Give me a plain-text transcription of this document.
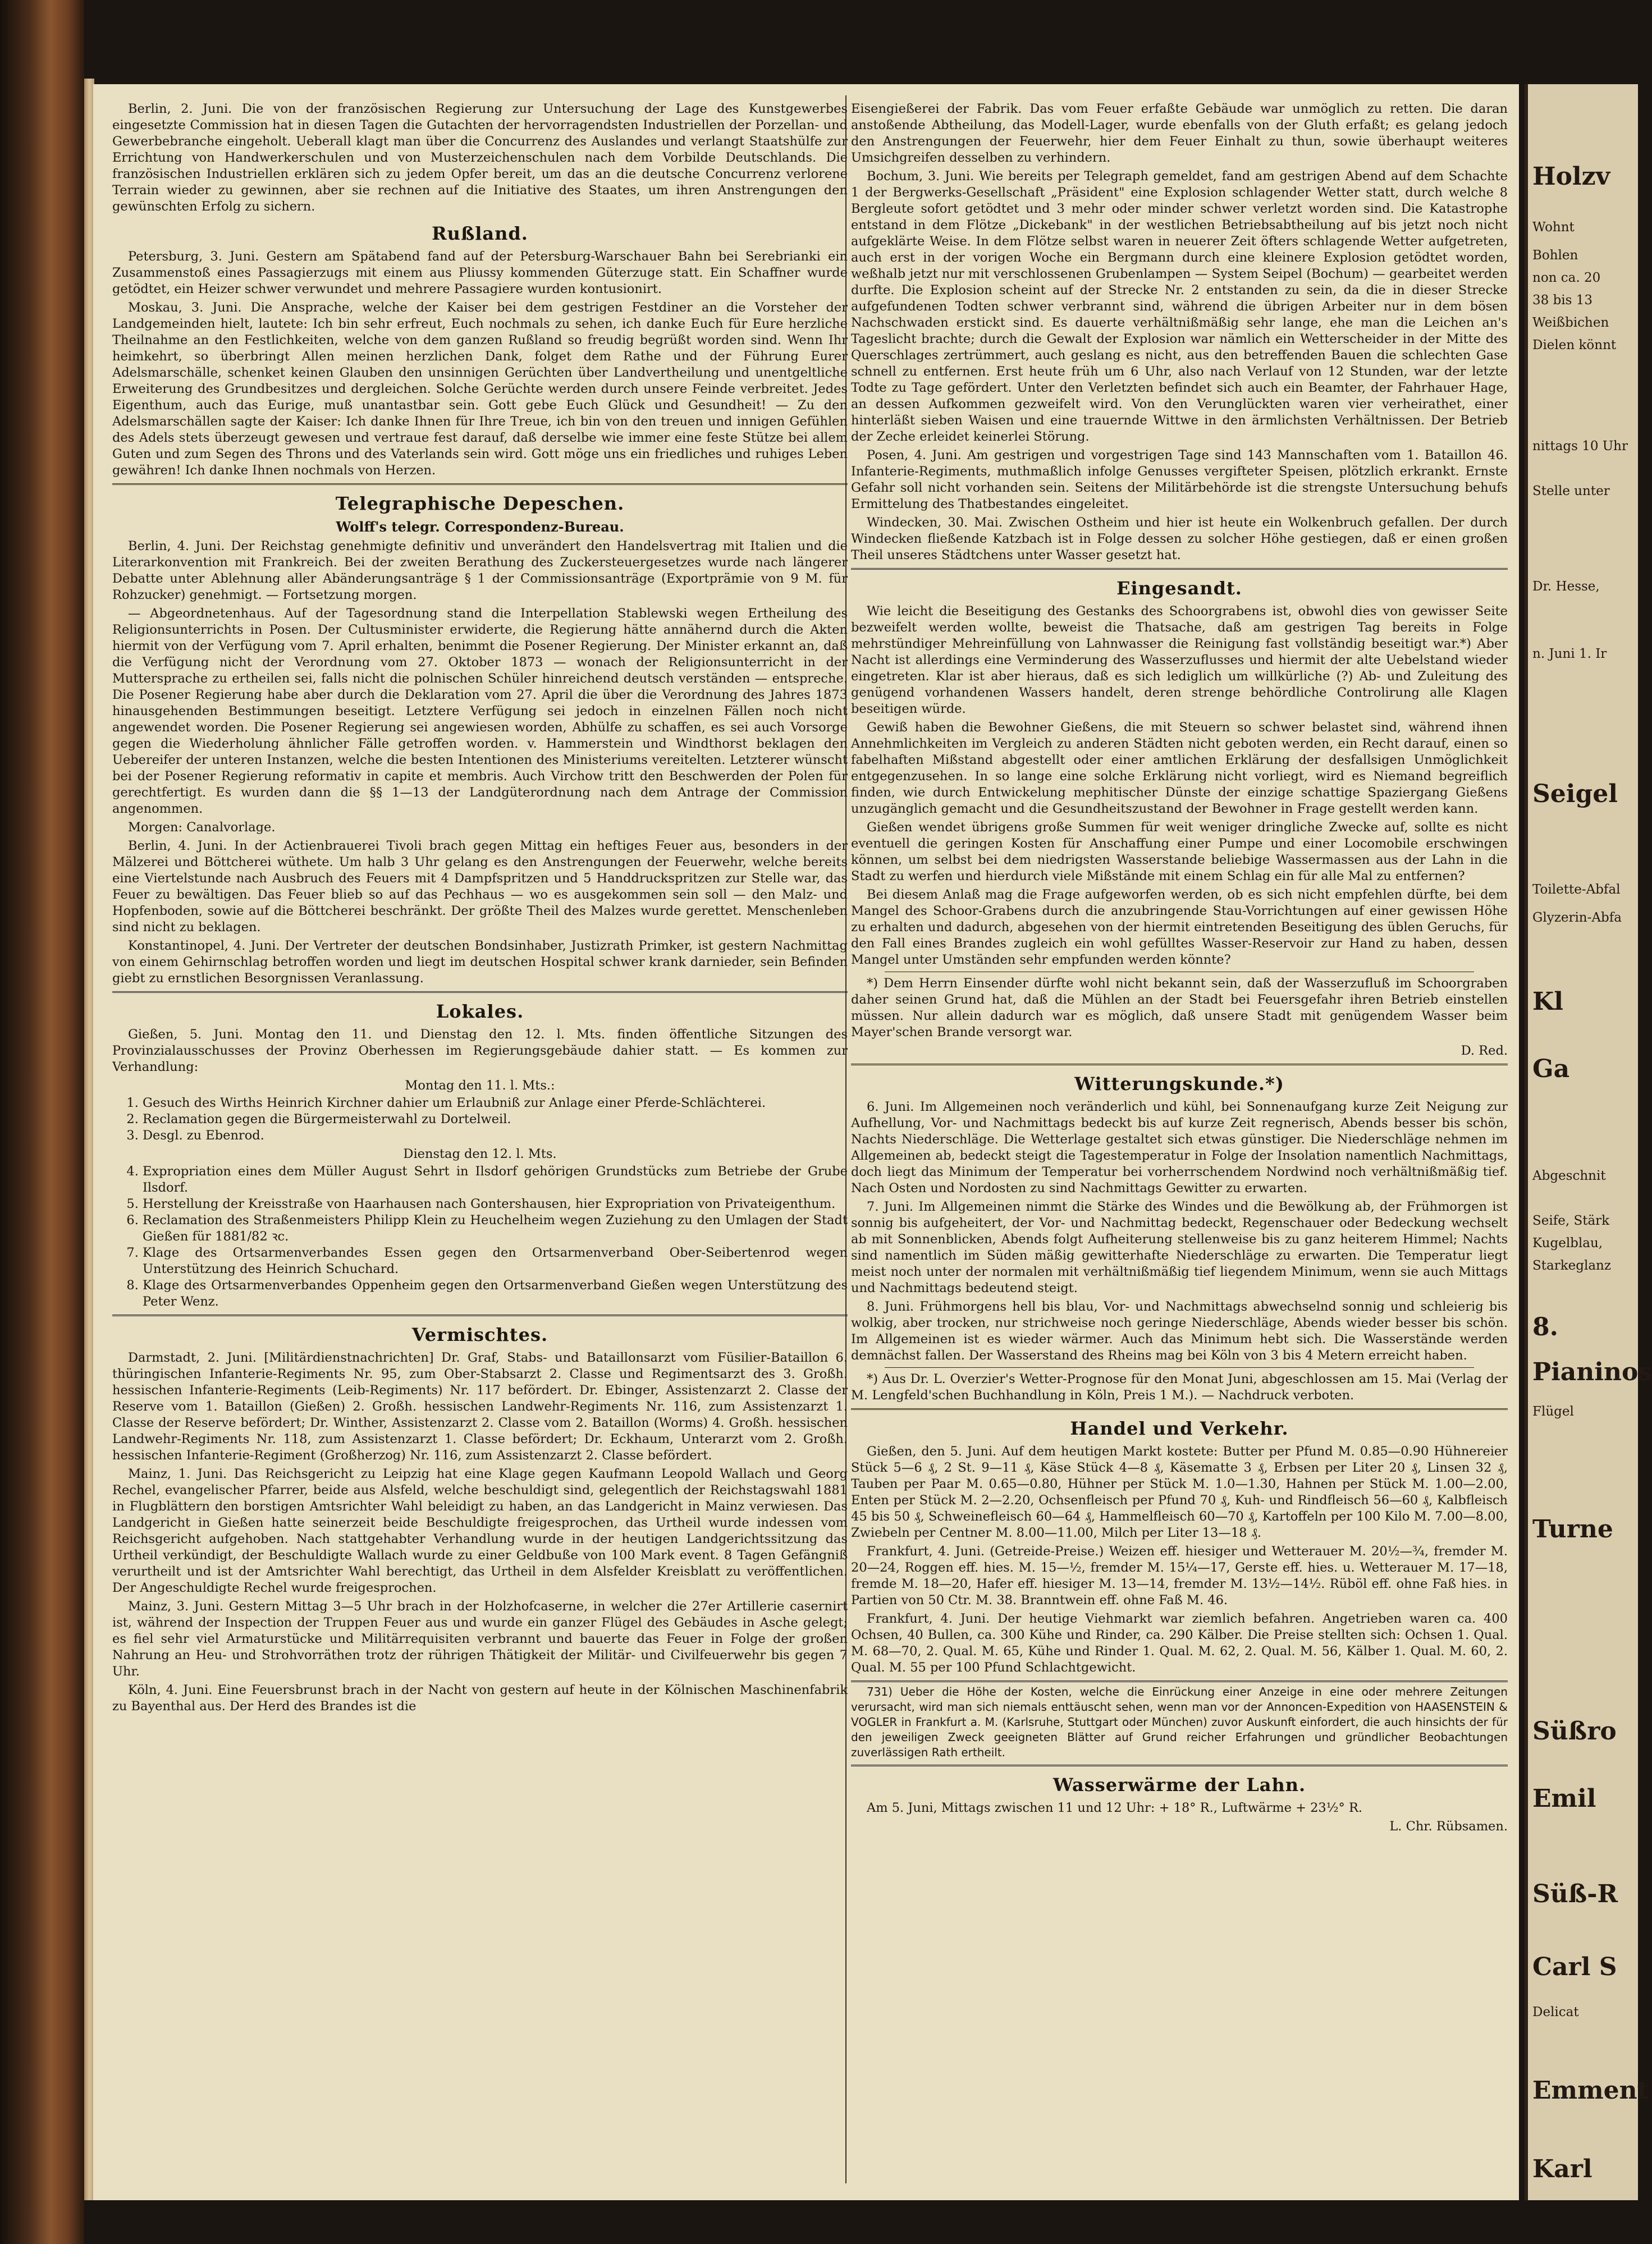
Berlin, 2. Juni. Die von der französischen Regierung zur Untersuchung der Lage des Kunstgewerbes eingesetzte Commission hat in diesen Tagen die Gutachten der hervorragendsten Industriellen der Porzellan- und Gewerbebranche eingeholt. Ueberall klagt man über die Concurrenz des Auslandes und verlangt Staatshülfe zur Errichtung von Handwerkerschulen und von Musterzeichenschulen nach dem Vorbilde Deutschlands. Die französischen Industriellen erklären sich zu jedem Opfer bereit, um das an die deutsche Concurrenz verlorene Terrain wieder zu gewinnen, aber sie rechnen auf die Initiative des Staates, um ihren Anstrengungen den gewünschten Erfolg zu sichern.

Rußland.

Petersburg, 3. Juni. Gestern am Spätabend fand auf der Petersburg-Warschauer Bahn bei Serebrianki ein Zusammenstoß eines Passagierzugs mit einem aus Pliussy kommenden Güterzuge statt. Ein Schaffner wurde getödtet, ein Heizer schwer verwundet und mehrere Passagiere wurden kontusionirt.

Moskau, 3. Juni. Die Ansprache, welche der Kaiser bei dem gestrigen Festdiner an die Vorsteher der Landgemeinden hielt, lautete: Ich bin sehr erfreut, Euch nochmals zu sehen, ich danke Euch für Eure herzliche Theilnahme an den Festlichkeiten, welche von dem ganzen Rußland so freudig begrüßt worden sind. Wenn Ihr heimkehrt, so überbringt Allen meinen herzlichen Dank, folget dem Rathe und der Führung Eurer Adelsmarschälle, schenket keinen Glauben den unsinnigen Gerüchten über Landvertheilung und unentgeltliche Erweiterung des Grundbesitzes und dergleichen. Solche Gerüchte werden durch unsere Feinde verbreitet. Jedes Eigenthum, auch das Eurige, muß unantastbar sein. Gott gebe Euch Glück und Gesundheit! — Zu den Adelsmarschällen sagte der Kaiser: Ich danke Ihnen für Ihre Treue, ich bin von den treuen und innigen Gefühlen des Adels stets überzeugt gewesen und vertraue fest darauf, daß derselbe wie immer eine feste Stütze bei allem Guten und zum Segen des Throns und des Vaterlands sein wird. Gott möge uns ein friedliches und ruhiges Leben gewähren! Ich danke Ihnen nochmals von Herzen.

Telegraphische Depeschen.
Wolff's telegr. Correspondenz-Bureau.

Berlin, 4. Juni. Der Reichstag genehmigte definitiv und unverändert den Handelsvertrag mit Italien und die Literarkonvention mit Frankreich. Bei der zweiten Berathung des Zuckersteuergesetzes wurde nach längerer Debatte unter Ablehnung aller Abänderungsanträge § 1 der Commissionsanträge (Exportprämie von 9 M. für Rohzucker) genehmigt. — Fortsetzung morgen.

— Abgeordnetenhaus. Auf der Tagesordnung stand die Interpellation Stablewski wegen Ertheilung des Religionsunterrichts in Posen. Der Cultusminister erwiderte, die Regierung hätte annähernd durch die Akten hiermit von der Verfügung vom 7. April erhalten, benimmt die Posener Regierung. Der Minister erkannt an, daß die Verfügung nicht der Verordnung vom 27. Oktober 1873 — wonach der Religionsunterricht in der Muttersprache zu ertheilen sei, falls nicht die polnischen Schüler hinreichend deutsch verständen — entspreche. Die Posener Regierung habe aber durch die Deklaration vom 27. April die über die Verordnung des Jahres 1873 hinausgehenden Bestimmungen beseitigt. Letztere Verfügung sei jedoch in einzelnen Fällen noch nicht angewendet worden. Die Posener Regierung sei angewiesen worden, Abhülfe zu schaffen, es sei auch Vorsorge gegen die Wiederholung ähnlicher Fälle getroffen worden. v. Hammerstein und Windthorst beklagen den Uebereifer der unteren Instanzen, welche die besten Intentionen des Ministeriums vereitelten. Letzterer wünscht bei der Posener Regierung reformativ in capite et membris. Auch Virchow tritt den Beschwerden der Polen für gerechtfertigt. Es wurden dann die §§ 1—13 der Landgüterordnung nach dem Antrage der Commission angenommen.

Morgen: Canalvorlage.

Berlin, 4. Juni. In der Actienbrauerei Tivoli brach gegen Mittag ein heftiges Feuer aus, besonders in der Mälzerei und Böttcherei wüthete. Um halb 3 Uhr gelang es den Anstrengungen der Feuerwehr, welche bereits eine Viertelstunde nach Ausbruch des Feuers mit 4 Dampfspritzen und 5 Handdruckspritzen zur Stelle war, das Feuer zu bewältigen. Das Feuer blieb so auf das Pechhaus — wo es ausgekommen sein soll — den Malz- und Hopfenboden, sowie auf die Böttcherei beschränkt. Der größte Theil des Malzes wurde gerettet. Menschenleben sind nicht zu beklagen.

Konstantinopel, 4. Juni. Der Vertreter der deutschen Bondsinhaber, Justizrath Primker, ist gestern Nachmittag von einem Gehirnschlag betroffen worden und liegt im deutschen Hospital schwer krank darnieder, sein Befinden giebt zu ernstlichen Besorgnissen Veranlassung.

Lokales.

Gießen, 5. Juni. Montag den 11. und Dienstag den 12. l. Mts. finden öffentliche Sitzungen des Provinzialausschusses der Provinz Oberhessen im Regierungsgebäude dahier statt. — Es kommen zur Verhandlung:

Montag den 11. l. Mts.:
1. Gesuch des Wirths Heinrich Kirchner dahier um Erlaubniß zur Anlage einer Pferde-Schlächterei.
2. Reclamation gegen die Bürgermeisterwahl zu Dortelweil.
3. Desgl. zu Ebenrod.
Dienstag den 12. l. Mts.
4. Expropriation eines dem Müller August Sehrt in Ilsdorf gehörigen Grundstücks zum Betriebe der Grube Ilsdorf.
5. Herstellung der Kreisstraße von Haarhausen nach Gontershausen, hier Expropriation von Privateigenthum.
6. Reclamation des Straßenmeisters Philipp Klein zu Heuchelheim wegen Zuziehung zu den Umlagen der Stadt Gießen für 1881/82 ꝛc.
7. Klage des Ortsarmenverbandes Essen gegen den Ortsarmenverband Ober-Seibertenrod wegen Unterstützung des Heinrich Schuchard.
8. Klage des Ortsarmenverbandes Oppenheim gegen den Ortsarmenverband Gießen wegen Unterstützung des Peter Wenz.
Vermischtes.

Darmstadt, 2. Juni. [Militärdienstnachrichten] Dr. Graf, Stabs- und Bataillonsarzt vom Füsilier-Bataillon 6. thüringischen Infanterie-Regiments Nr. 95, zum Ober-Stabsarzt 2. Classe und Regimentsarzt des 3. Großh. hessischen Infanterie-Regiments (Leib-Regiments) Nr. 117 befördert. Dr. Ebinger, Assistenzarzt 2. Classe der Reserve vom 1. Bataillon (Gießen) 2. Großh. hessischen Landwehr-Regiments Nr. 116, zum Assistenzarzt 1. Classe der Reserve befördert; Dr. Winther, Assistenzarzt 2. Classe vom 2. Bataillon (Worms) 4. Großh. hessischen Landwehr-Regiments Nr. 118, zum Assistenzarzt 1. Classe befördert; Dr. Eckhaum, Unterarzt vom 2. Großh. hessischen Infanterie-Regiment (Großherzog) Nr. 116, zum Assistenzarzt 2. Classe befördert.

Mainz, 1. Juni. Das Reichsgericht zu Leipzig hat eine Klage gegen Kaufmann Leopold Wallach und Georg Rechel, evangelischer Pfarrer, beide aus Alsfeld, welche beschuldigt sind, gelegentlich der Reichstagswahl 1881 in Flugblättern den borstigen Amtsrichter Wahl beleidigt zu haben, an das Landgericht in Mainz verwiesen. Das Landgericht in Gießen hatte seinerzeit beide Beschuldigte freigesprochen, das Urtheil wurde indessen vom Reichsgericht aufgehoben. Nach stattgehabter Verhandlung wurde in der heutigen Landgerichtssitzung das Urtheil verkündigt, der Beschuldigte Wallach wurde zu einer Geldbuße von 100 Mark event. 8 Tagen Gefängniß verurtheilt und ist der Amtsrichter Wahl berechtigt, das Urtheil in dem Alsfelder Kreisblatt zu veröffentlichen. Der Angeschuldigte Rechel wurde freigesprochen.

Mainz, 3. Juni. Gestern Mittag 3—5 Uhr brach in der Holzhofcaserne, in welcher die 27er Artillerie casernirt ist, während der Inspection der Truppen Feuer aus und wurde ein ganzer Flügel des Gebäudes in Asche gelegt; es fiel sehr viel Armaturstücke und Militärrequisiten verbrannt und bauerte das Feuer in Folge der großen Nahrung an Heu- und Strohvorräthen trotz der rührigen Thätigkeit der Militär- und Civilfeuerwehr bis gegen 7 Uhr.

Köln, 4. Juni. Eine Feuersbrunst brach in der Nacht von gestern auf heute in der Kölnischen Maschinenfabrik zu Bayenthal aus. Der Herd des Brandes ist die

Eisengießerei der Fabrik. Das vom Feuer erfaßte Gebäude war unmöglich zu retten. Die daran anstoßende Abtheilung, das Modell-Lager, wurde ebenfalls von der Gluth erfaßt; es gelang jedoch den Anstrengungen der Feuerwehr, hier dem Feuer Einhalt zu thun, sowie überhaupt weiteres Umsichgreifen desselben zu verhindern.

Bochum, 3. Juni. Wie bereits per Telegraph gemeldet, fand am gestrigen Abend auf dem Schachte 1 der Bergwerks-Gesellschaft „Präsident" eine Explosion schlagender Wetter statt, durch welche 8 Bergleute sofort getödtet und 3 mehr oder minder schwer verletzt worden sind. Die Katastrophe entstand in dem Flötze „Dickebank" in der westlichen Betriebsabtheilung auf bis jetzt noch nicht aufgeklärte Weise. In dem Flötze selbst waren in neuerer Zeit öfters schlagende Wetter aufgetreten, auch erst in der vorigen Woche ein Bergmann durch eine kleinere Explosion getödtet worden, weßhalb jetzt nur mit verschlossenen Grubenlampen — System Seipel (Bochum) — gearbeitet werden durfte. Die Explosion scheint auf der Strecke Nr. 2 entstanden zu sein, da die in dieser Strecke aufgefundenen Todten schwer verbrannt sind, während die übrigen Arbeiter nur in dem bösen Nachschwaden erstickt sind. Es dauerte verhältnißmäßig sehr lange, ehe man die Leichen an's Tageslicht brachte; durch die Gewalt der Explosion war nämlich ein Wetterscheider in der Mitte des Querschlages zertrümmert, auch geslang es nicht, aus den betreffenden Bauen die schlechten Gase schnell zu entfernen. Erst heute früh um 6 Uhr, also nach Verlauf von 12 Stunden, war der letzte Todte zu Tage gefördert. Unter den Verletzten befindet sich auch ein Beamter, der Fahrhauer Hage, an dessen Aufkommen gezweifelt wird. Von den Verunglückten waren vier verheirathet, einer hinterläßt sieben Waisen und eine trauernde Wittwe in den ärmlichsten Verhältnissen. Der Betrieb der Zeche erleidet keinerlei Störung.

Posen, 4. Juni. Am gestrigen und vorgestrigen Tage sind 143 Mannschaften vom 1. Bataillon 46. Infanterie-Regiments, muthmaßlich infolge Genusses vergifteter Speisen, plötzlich erkrankt. Ernste Gefahr soll nicht vorhanden sein. Seitens der Militärbehörde ist die strengste Untersuchung behufs Ermittelung des Thatbestandes eingeleitet.

Windecken, 30. Mai. Zwischen Ostheim und hier ist heute ein Wolkenbruch gefallen. Der durch Windecken fließende Katzbach ist in Folge dessen zu solcher Höhe gestiegen, daß er einen großen Theil unseres Städtchens unter Wasser gesetzt hat.

Eingesandt.

Wie leicht die Beseitigung des Gestanks des Schoorgrabens ist, obwohl dies von gewisser Seite bezweifelt werden wollte, beweist die Thatsache, daß am gestrigen Tag bereits in Folge mehrstündiger Mehreinfüllung von Lahnwasser die Reinigung fast vollständig beseitigt war.*) Aber Nacht ist allerdings eine Verminderung des Wasserzuflusses und hiermit der alte Uebelstand wieder eingetreten. Klar ist aber hieraus, daß es sich lediglich um willkürliche (?) Ab- und Zuleitung des genügend vorhandenen Wassers handelt, deren strenge behördliche Controlirung alle Klagen beseitigen würde.

Gewiß haben die Bewohner Gießens, die mit Steuern so schwer belastet sind, während ihnen Annehmlichkeiten im Vergleich zu anderen Städten nicht geboten werden, ein Recht darauf, einen so fabelhaften Mißstand abgestellt oder einer amtlichen Erklärung der desfallsigen Unmöglichkeit entgegenzusehen. In so lange eine solche Erklärung nicht vorliegt, wird es Niemand begreiflich finden, wie durch Entwickelung mephitischer Dünste der einzige schattige Spaziergang Gießens unzugänglich gemacht und die Gesundheitszustand der Bewohner in Frage gestellt werden kann.

Gießen wendet übrigens große Summen für weit weniger dringliche Zwecke auf, sollte es nicht eventuell die geringen Kosten für Anschaffung einer Pumpe und einer Locomobile erschwingen können, um selbst bei dem niedrigsten Wasserstande beliebige Wassermassen aus der Lahn in die Stadt zu werfen und hierdurch viele Mißstände mit einem Schlag ein für alle Mal zu entfernen?

Bei diesem Anlaß mag die Frage aufgeworfen werden, ob es sich nicht empfehlen dürfte, bei dem Mangel des Schoor-Grabens durch die anzubringende Stau-Vorrichtungen auf einer gewissen Höhe zu erhalten und dadurch, abgesehen von der hiermit eintretenden Beseitigung des üblen Geruchs, für den Fall eines Brandes zugleich ein wohl gefülltes Wasser-Reservoir zur Hand zu haben, dessen Mangel unter Umständen sehr empfunden werden könnte?

*) Dem Herrn Einsender dürfte wohl nicht bekannt sein, daß der Wasserzufluß im Schoorgraben daher seinen Grund hat, daß die Mühlen an der Stadt bei Feuersgefahr ihren Betrieb einstellen müssen. Nur allein dadurch war es möglich, daß unsere Stadt mit genügendem Wasser beim Mayer'schen Brande versorgt war.

D. Red.
Witterungskunde.*)

6. Juni. Im Allgemeinen noch veränderlich und kühl, bei Sonnenaufgang kurze Zeit Neigung zur Aufhellung, Vor- und Nachmittags bedeckt bis auf kurze Zeit regnerisch, Abends besser bis schön, Nachts Niederschläge. Die Wetterlage gestaltet sich etwas günstiger. Die Niederschläge nehmen im Allgemeinen ab, bedeckt steigt die Tagestemperatur in Folge der Insolation namentlich Nachmittags, doch liegt das Minimum der Temperatur bei vorherrschendem Nordwind noch verhältnißmäßig tief. Nach Osten und Nordosten zu sind Nachmittags Gewitter zu erwarten.

7. Juni. Im Allgemeinen nimmt die Stärke des Windes und die Bewölkung ab, der Frühmorgen ist sonnig bis aufgeheitert, der Vor- und Nachmittag bedeckt, Regenschauer oder Bedeckung wechselt ab mit Sonnenblicken, Abends folgt Aufheiterung stellenweise bis zu ganz heiterem Himmel; Nachts sind namentlich im Süden mäßig gewitterhafte Niederschläge zu erwarten. Die Temperatur liegt meist noch unter der normalen mit verhältnißmäßig tief liegendem Minimum, wenn sie auch Mittags und Nachmittags bedeutend steigt.

8. Juni. Frühmorgens hell bis blau, Vor- und Nachmittags abwechselnd sonnig und schleierig bis wolkig, aber trocken, nur strichweise noch geringe Niederschläge, Abends wieder besser bis schön. Im Allgemeinen ist es wieder wärmer. Auch das Minimum hebt sich. Die Wasserstände werden demnächst fallen. Der Wasserstand des Rheins mag bei Köln von 3 bis 4 Metern erreicht haben.

*) Aus Dr. L. Overzier's Wetter-Prognose für den Monat Juni, abgeschlossen am 15. Mai (Verlag der M. Lengfeld'schen Buchhandlung in Köln, Preis 1 M.). — Nachdruck verboten.

Handel und Verkehr.

Gießen, den 5. Juni. Auf dem heutigen Markt kostete: Butter per Pfund M. 0.85—0.90 Hühnereier Stück 5—6 ₰, 2 St. 9—11 ₰, Käse Stück 4—8 ₰, Käsematte 3 ₰, Erbsen per Liter 20 ₰, Linsen 32 ₰, Tauben per Paar M. 0.65—0.80, Hühner per Stück M. 1.0—1.30, Hahnen per Stück M. 1.00—2.00, Enten per Stück M. 2—2.20, Ochsenfleisch per Pfund 70 ₰, Kuh- und Rindfleisch 56—60 ₰, Kalbfleisch 45 bis 50 ₰, Schweinefleisch 60—64 ₰, Hammelfleisch 60—70 ₰, Kartoffeln per 100 Kilo M. 7.00—8.00, Zwiebeln per Centner M. 8.00—11.00, Milch per Liter 13—18 ₰.

Frankfurt, 4. Juni. (Getreide-Preise.) Weizen eff. hiesiger und Wetterauer M. 20½—¾, fremder M. 20—24, Roggen eff. hies. M. 15—½, fremder M. 15¼—17, Gerste eff. hies. u. Wetterauer M. 17—18, fremde M. 18—20, Hafer eff. hiesiger M. 13—14, fremder M. 13½—14½. Rüböl eff. ohne Faß hies. in Partien von 50 Ctr. M. 38. Branntwein eff. ohne Faß M. 46.

Frankfurt, 4. Juni. Der heutige Viehmarkt war ziemlich befahren. Angetrieben waren ca. 400 Ochsen, 40 Bullen, ca. 300 Kühe und Rinder, ca. 290 Kälber. Die Preise stellten sich: Ochsen 1. Qual. M. 68—70, 2. Qual. M. 65, Kühe und Rinder 1. Qual. M. 62, 2. Qual. M. 56, Kälber 1. Qual. M. 60, 2. Qual. M. 55 per 100 Pfund Schlachtgewicht.

731) Ueber die Höhe der Kosten, welche die Einrückung einer Anzeige in eine oder mehrere Zeitungen verursacht, wird man sich niemals enttäuscht sehen, wenn man vor der Annoncen-Expedition von HAASENSTEIN & VOGLER in Frankfurt a. M. (Karlsruhe, Stuttgart oder München) zuvor Auskunft einfordert, die auch hinsichts der für den jeweiligen Zweck geeigneten Blätter auf Grund reicher Erfahrungen und gründlicher Beobachtungen zuverlässigen Rath ertheilt.

Wasserwärme der Lahn.

Am 5. Juni, Mittags zwischen 11 und 12 Uhr: + 18° R., Luftwärme + 23½° R.

L. Chr. Rübsamen.
Holzv
Wohnt
Bohlen
non ca. 20
38 bis 13
Weißbichen
Dielen könnt
nittags 10 Uhr
Stelle unter
Dr. Hesse,
n. Juni 1. Ir
Seigel
Toilette-Abfal
Glyzerin-Abfa
Kl
Ga
Abgeschnit
Seife, Stärk
Kugelblau,
Starkeglanz
8.
Pianinos
Flügel
Turne
Süßro
Emil
Süß-R
Carl S
Delicat
Emment
Karl
